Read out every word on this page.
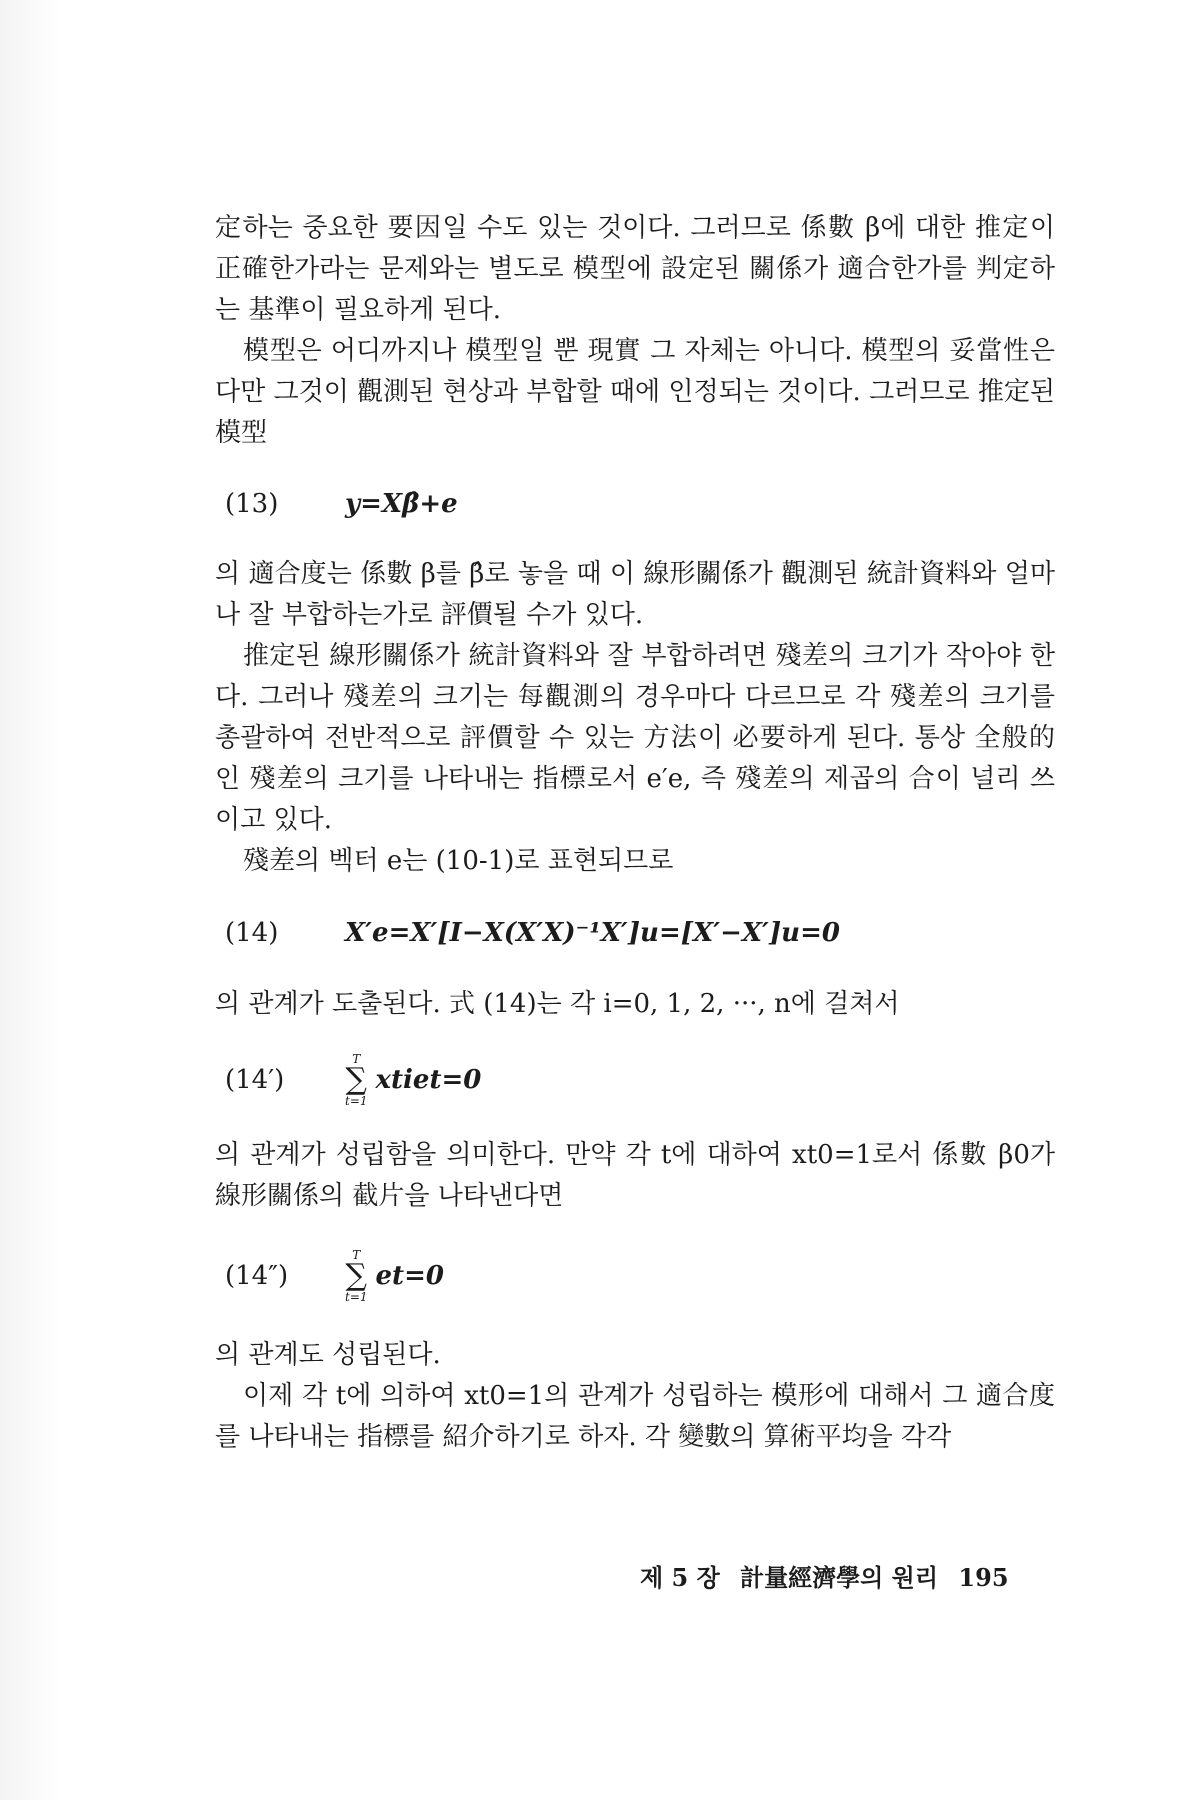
定하는 중요한 要因일 수도 있는 것이다. 그러므로 係數 β에 대한 推定이 正確한가라는 문제와는 별도로 模型에 設定된 關係가 適合한가를 判定하는 基準이 필요하게 된다.

模型은 어디까지나 模型일 뿐 現實 그 자체는 아니다. 模型의 妥當性은 다만 그것이 觀測된 현상과 부합할 때에 인정되는 것이다. 그러므로 推定된 模型

(13)	y=Xβ̂+e

의 適合度는 係數 β를 β̂로 놓을 때 이 線形關係가 觀測된 統計資料와 얼마나 잘 부합하는가로 評價될 수가 있다.

推定된 線形關係가 統計資料와 잘 부합하려면 殘差의 크기가 작아야 한다. 그러나 殘差의 크기는 每觀測의 경우마다 다르므로 각 殘差의 크기를 총괄하여 전반적으로 評價할 수 있는 方法이 必要하게 된다. 통상 全般的인 殘差의 크기를 나타내는 指標로서 e′e, 즉 殘差의 제곱의 合이 널리 쓰이고 있다.

殘差의 벡터 e는 (10-1)로 표현되므로

(14)	X′e=X′[I−X(X′X)⁻¹X′]u=[X′−X′]u=0

의 관계가 도출된다. 式 (14)는 각 i=0, 1, 2, ···, n에 걸쳐서

(14′)
T
∑
t=1
xtiet=0

의 관계가 성립함을 의미한다. 만약 각 t에 대하여 xt0=1로서 係數 β0가 線形關係의 截片을 나타낸다면

(14″)
T
∑
t=1
et=0

의 관계도 성립된다.

이제 각 t에 의하여 xt0=1의 관계가 성립하는 模形에 대해서 그 適合度를 나타내는 指標를 紹介하기로 하자. 각 變數의 算術平均을 각각

제 5 장 計量經濟學의 원리 195
